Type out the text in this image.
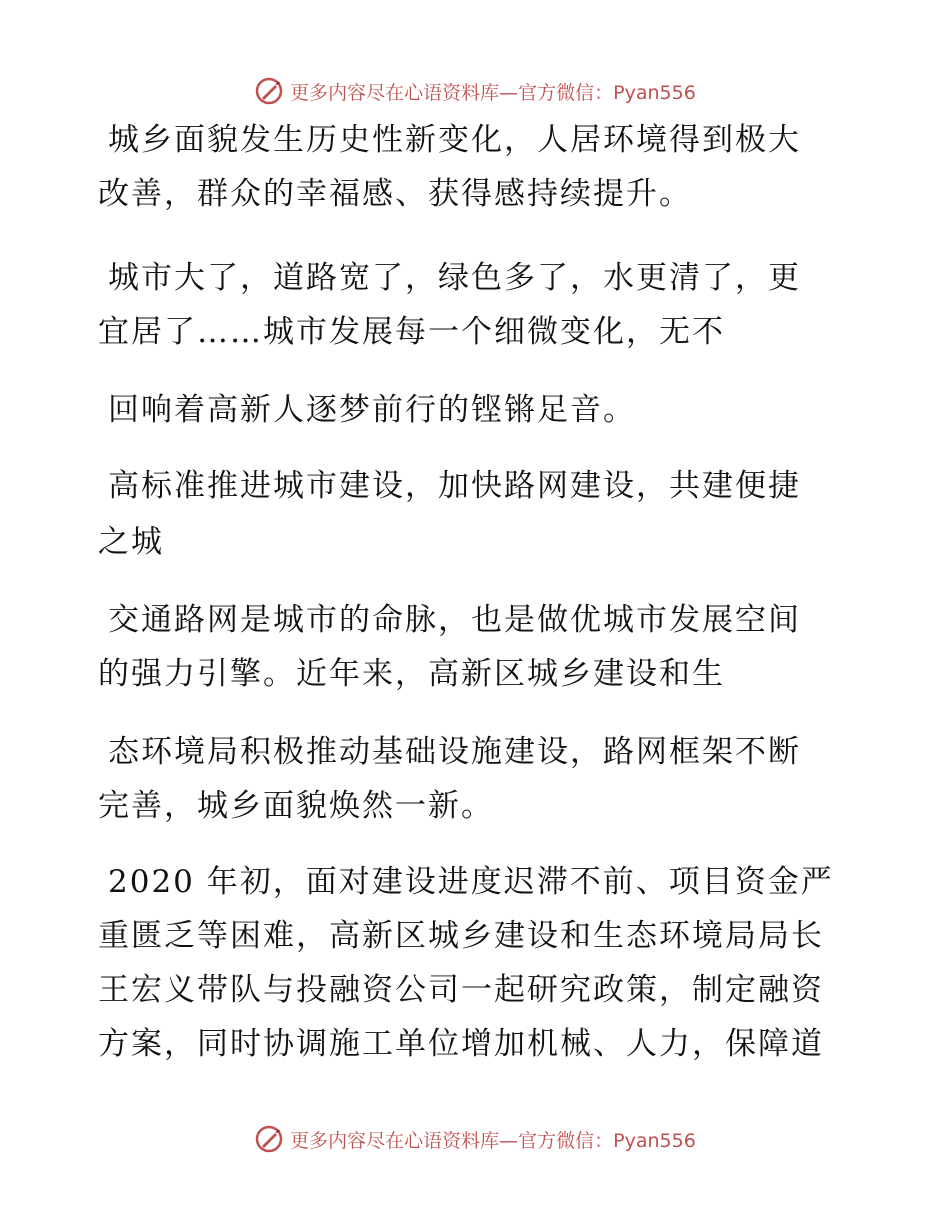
更多内容尽在心语资料库—官方微信：Pyan556
城乡面貌发生历史性新变化，人居环境得到极大
改善，群众的幸福感、获得感持续提升。
城市大了，道路宽了，绿色多了，水更清了，更
宜居了……城市发展每一个细微变化，无不
回响着高新人逐梦前行的铿锵足音。
高标准推进城市建设，加快路网建设，共建便捷
之城
交通路网是城市的命脉，也是做优城市发展空间
的强力引擎。近年来，高新区城乡建设和生
态环境局积极推动基础设施建设，路网框架不断
完善，城乡面貌焕然一新。
2020 年初，面对建设进度迟滞不前、项目资金严
重匮乏等困难，高新区城乡建设和生态环境局局长
王宏义带队与投融资公司一起研究政策，制定融资
方案，同时协调施工单位增加机械、人力，保障道
更多内容尽在心语资料库—官方微信：Pyan556
